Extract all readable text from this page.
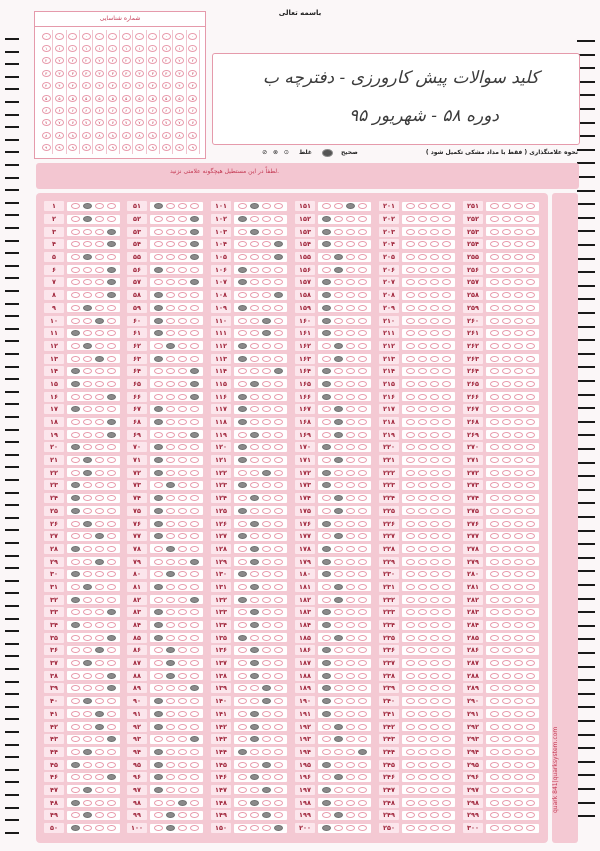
باسمه تعالی
شماره شناسایی
۰
۱
۲
۳
۴
۵
۶
۷
۸
۹
۰
۱
۲
۳
۴
۵
۶
۷
۸
۹
۰
۱
۲
۳
۴
۵
۶
۷
۸
۹
۰
۱
۲
۳
۴
۵
۶
۷
۸
۹
۰
۱
۲
۳
۴
۵
۶
۷
۸
۹
۰
۱
۲
۳
۴
۵
۶
۷
۸
۹
۰
۱
۲
۳
۴
۵
۶
۷
۸
۹
۰
۱
۲
۳
۴
۵
۶
۷
۸
۹
۰
۱
۲
۳
۴
۵
۶
۷
۸
۹
۰
۱
۲
۳
۴
۵
۶
۷
۸
۹
۰
۱
۲
۳
۴
۵
۶
۷
۸
۹
۰
۱
۲
۳
۴
۵
۶
۷
۸
۹
کلید سوالات پیش کارورزی - دفترچه ب
دوره ۵۸ - شهریور ۹۵
⊘ ⊗ ⊙ غلط	صحیح	نحوه علامتگذاری ( فقط با مداد مشکی تکمیل شود )
لطفاً در این مستطیل هیچگونه علامتی نزنید.
quark 841|quarksystem.com
۱
۲
۳
۴
۵
۶
۷
۸
۹
۱۰
۱۱
۱۲
۱۳
۱۴
۱۵
۱۶
۱۷
۱۸
۱۹
۲۰
۲۱
۲۲
۲۳
۲۴
۲۵
۲۶
۲۷
۲۸
۲۹
۳۰
۳۱
۳۲
۳۳
۳۴
۳۵
۳۶
۳۷
۳۸
۳۹
۴۰
۴۱
۴۲
۴۳
۴۴
۴۵
۴۶
۴۷
۴۸
۴۹
۵۰
۵۱
۵۲
۵۳
۵۴
۵۵
۵۶
۵۷
۵۸
۵۹
۶۰
۶۱
۶۲
۶۳
۶۴
۶۵
۶۶
۶۷
۶۸
۶۹
۷۰
۷۱
۷۲
۷۳
۷۴
۷۵
۷۶
۷۷
۷۸
۷۹
۸۰
۸۱
۸۲
۸۳
۸۴
۸۵
۸۶
۸۷
۸۸
۸۹
۹۰
۹۱
۹۲
۹۳
۹۴
۹۵
۹۶
۹۷
۹۸
۹۹
۱۰۰
۱۰۱
۱۰۲
۱۰۳
۱۰۴
۱۰۵
۱۰۶
۱۰۷
۱۰۸
۱۰۹
۱۱۰
۱۱۱
۱۱۲
۱۱۳
۱۱۴
۱۱۵
۱۱۶
۱۱۷
۱۱۸
۱۱۹
۱۲۰
۱۲۱
۱۲۲
۱۲۳
۱۲۴
۱۲۵
۱۲۶
۱۲۷
۱۲۸
۱۲۹
۱۳۰
۱۳۱
۱۳۲
۱۳۳
۱۳۴
۱۳۵
۱۳۶
۱۳۷
۱۳۸
۱۳۹
۱۴۰
۱۴۱
۱۴۲
۱۴۳
۱۴۴
۱۴۵
۱۴۶
۱۴۷
۱۴۸
۱۴۹
۱۵۰
۱۵۱
۱۵۲
۱۵۳
۱۵۴
۱۵۵
۱۵۶
۱۵۷
۱۵۸
۱۵۹
۱۶۰
۱۶۱
۱۶۲
۱۶۳
۱۶۴
۱۶۵
۱۶۶
۱۶۷
۱۶۸
۱۶۹
۱۷۰
۱۷۱
۱۷۲
۱۷۳
۱۷۴
۱۷۵
۱۷۶
۱۷۷
۱۷۸
۱۷۹
۱۸۰
۱۸۱
۱۸۲
۱۸۳
۱۸۴
۱۸۵
۱۸۶
۱۸۷
۱۸۸
۱۸۹
۱۹۰
۱۹۱
۱۹۲
۱۹۳
۱۹۴
۱۹۵
۱۹۶
۱۹۷
۱۹۸
۱۹۹
۲۰۰
۲۰۱
۲۰۲
۲۰۳
۲۰۴
۲۰۵
۲۰۶
۲۰۷
۲۰۸
۲۰۹
۲۱۰
۲۱۱
۲۱۲
۲۱۳
۲۱۴
۲۱۵
۲۱۶
۲۱۷
۲۱۸
۲۱۹
۲۲۰
۲۲۱
۲۲۲
۲۲۳
۲۲۴
۲۲۵
۲۲۶
۲۲۷
۲۲۸
۲۲۹
۲۳۰
۲۳۱
۲۳۲
۲۳۳
۲۳۴
۲۳۵
۲۳۶
۲۳۷
۲۳۸
۲۳۹
۲۴۰
۲۴۱
۲۴۲
۲۴۳
۲۴۴
۲۴۵
۲۴۶
۲۴۷
۲۴۸
۲۴۹
۲۵۰
۲۵۱
۲۵۲
۲۵۳
۲۵۴
۲۵۵
۲۵۶
۲۵۷
۲۵۸
۲۵۹
۲۶۰
۲۶۱
۲۶۲
۲۶۳
۲۶۴
۲۶۵
۲۶۶
۲۶۷
۲۶۸
۲۶۹
۲۷۰
۲۷۱
۲۷۲
۲۷۳
۲۷۴
۲۷۵
۲۷۶
۲۷۷
۲۷۸
۲۷۹
۲۸۰
۲۸۱
۲۸۲
۲۸۳
۲۸۴
۲۸۵
۲۸۶
۲۸۷
۲۸۸
۲۸۹
۲۹۰
۲۹۱
۲۹۲
۲۹۳
۲۹۴
۲۹۵
۲۹۶
۲۹۷
۲۹۸
۲۹۹
۳۰۰
